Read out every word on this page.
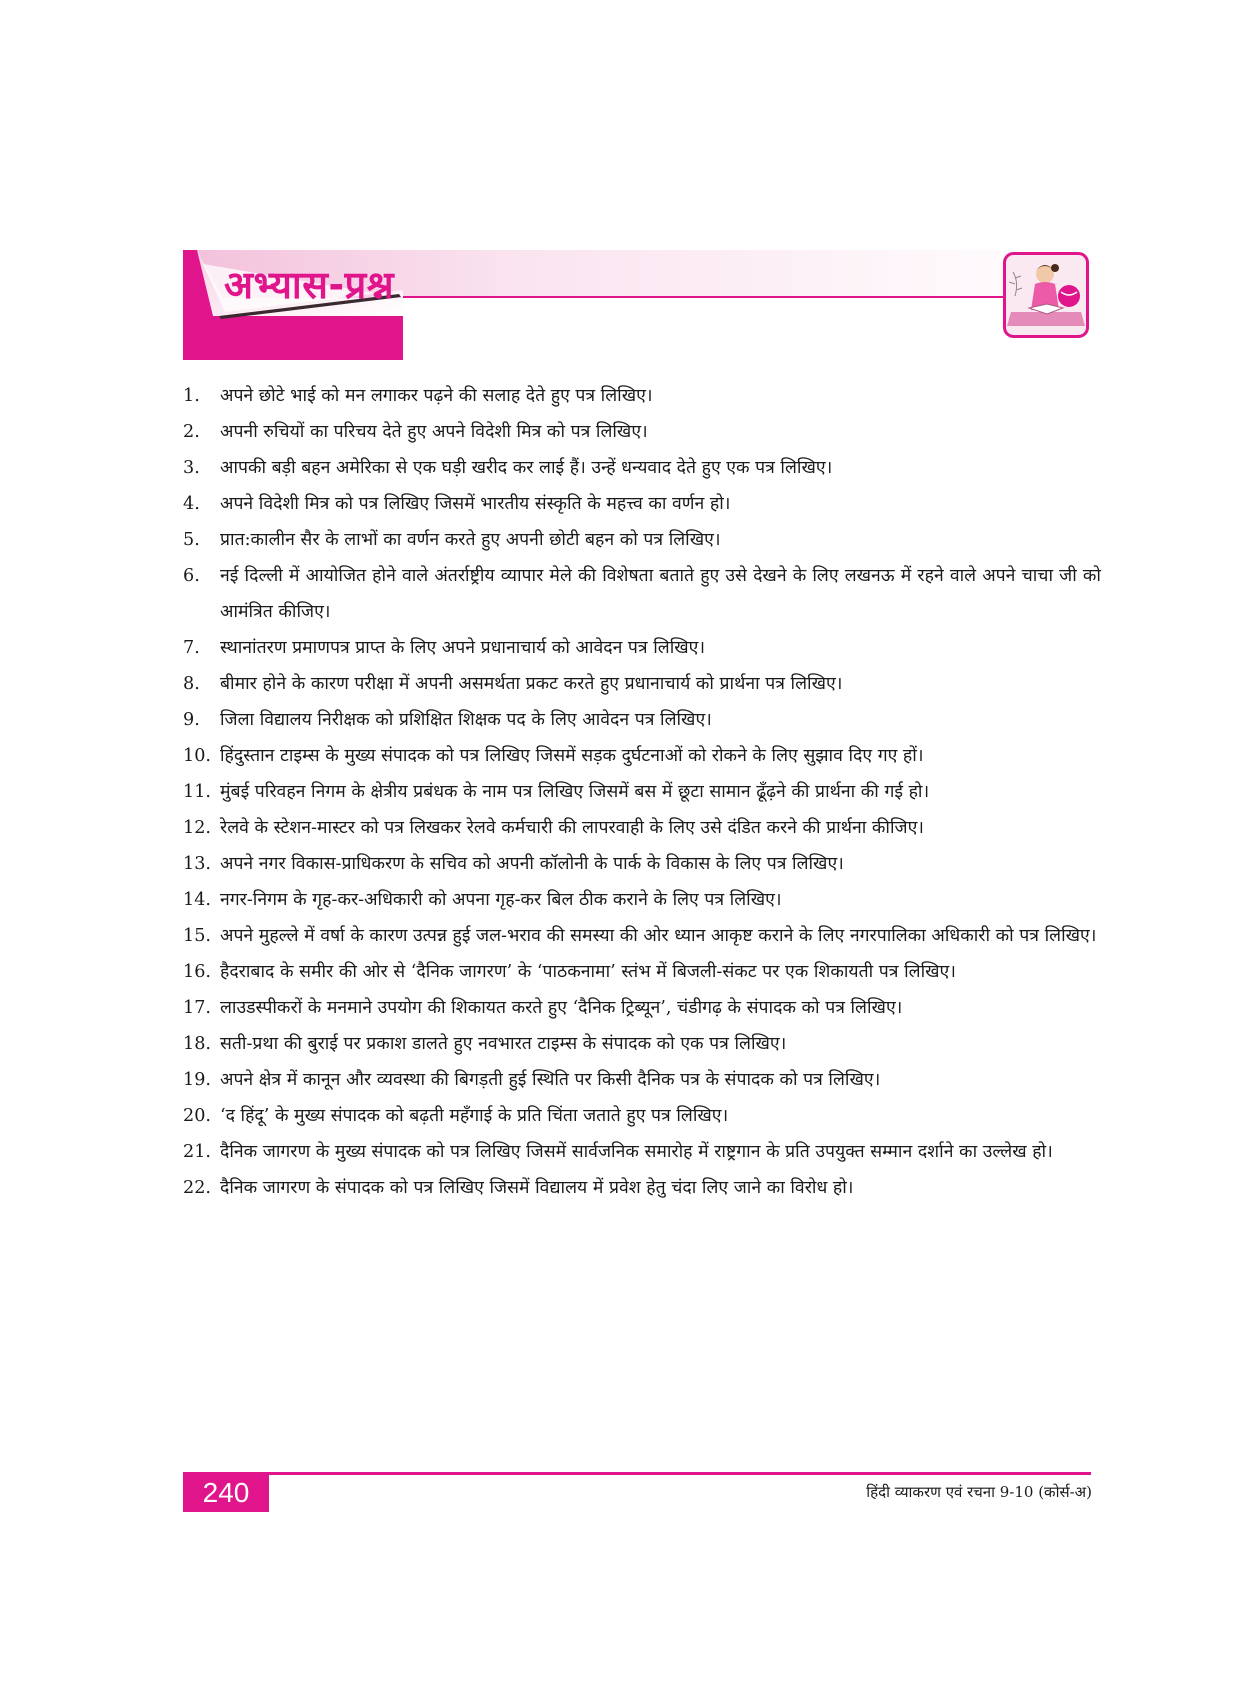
अभ्यास-प्रश्न
1.	अपने छोटे भाई को मन लगाकर पढ़ने की सलाह देते हुए पत्र लिखिए।
2.	अपनी रुचियों का परिचय देते हुए अपने विदेशी मित्र को पत्र लिखिए।
3.	आपकी बड़ी बहन अमेरिका से एक घड़ी खरीद कर लाई हैं। उन्हें धन्यवाद देते हुए एक पत्र लिखिए।
4.	अपने विदेशी मित्र को पत्र लिखिए जिसमें भारतीय संस्कृति के महत्त्व का वर्णन हो।
5.	प्रात:कालीन सैर के लाभों का वर्णन करते हुए अपनी छोटी बहन को पत्र लिखिए।
6.	नई दिल्ली में आयोजित होने वाले अंतर्राष्ट्रीय व्यापार मेले की विशेषता बताते हुए उसे देखने के लिए लखनऊ में रहने वाले अपने चाचा जी को आमंत्रित कीजिए।
7.	स्थानांतरण प्रमाणपत्र प्राप्त के लिए अपने प्रधानाचार्य को आवेदन पत्र लिखिए।
8.	बीमार होने के कारण परीक्षा में अपनी असमर्थता प्रकट करते हुए प्रधानाचार्य को प्रार्थना पत्र लिखिए।
9.	जिला विद्यालय निरीक्षक को प्रशिक्षित शिक्षक पद के लिए आवेदन पत्र लिखिए।
10. हिंदुस्तान टाइम्स के मुख्य संपादक को पत्र लिखिए जिसमें सड़क दुर्घटनाओं को रोकने के लिए सुझाव दिए गए हों।
11. मुंबई परिवहन निगम के क्षेत्रीय प्रबंधक के नाम पत्र लिखिए जिसमें बस में छूटा सामान ढूँढ़ने की प्रार्थना की गई हो।
12. रेलवे के स्टेशन-मास्टर को पत्र लिखकर रेलवे कर्मचारी की लापरवाही के लिए उसे दंडित करने की प्रार्थना कीजिए।
13. अपने नगर विकास-प्राधिकरण के सचिव को अपनी कॉलोनी के पार्क के विकास के लिए पत्र लिखिए।
14. नगर-निगम के गृह-कर-अधिकारी को अपना गृह-कर बिल ठीक कराने के लिए पत्र लिखिए।
15. अपने मुहल्ले में वर्षा के कारण उत्पन्न हुई जल-भराव की समस्या की ओर ध्यान आकृष्ट कराने के लिए नगरपालिका अधिकारी को पत्र लिखिए।
16. हैदराबाद के समीर की ओर से ‘दैनिक जागरण’ के ‘पाठकनामा’ स्तंभ में बिजली-संकट पर एक शिकायती पत्र लिखिए।
17. लाउडस्पीकरों के मनमाने उपयोग की शिकायत करते हुए ‘दैनिक ट्रिब्यून’, चंडीगढ़ के संपादक को पत्र लिखिए।
18. सती-प्रथा की बुराई पर प्रकाश डालते हुए नवभारत टाइम्स के संपादक को एक पत्र लिखिए।
19. अपने क्षेत्र में कानून और व्यवस्था की बिगड़ती हुई स्थिति पर किसी दैनिक पत्र के संपादक को पत्र लिखिए।
20. ‘द हिंदू’ के मुख्य संपादक को बढ़ती महँगाई के प्रति चिंता जताते हुए पत्र लिखिए।
21. दैनिक जागरण के मुख्य संपादक को पत्र लिखिए जिसमें सार्वजनिक समारोह में राष्ट्रगान के प्रति उपयुक्त सम्मान दर्शाने का उल्लेख हो।
22. दैनिक जागरण के संपादक को पत्र लिखिए जिसमें विद्यालय में प्रवेश हेतु चंदा लिए जाने का विरोध हो।
240	हिंदी व्याकरण एवं रचना 9-10 (कोर्स-अ)
